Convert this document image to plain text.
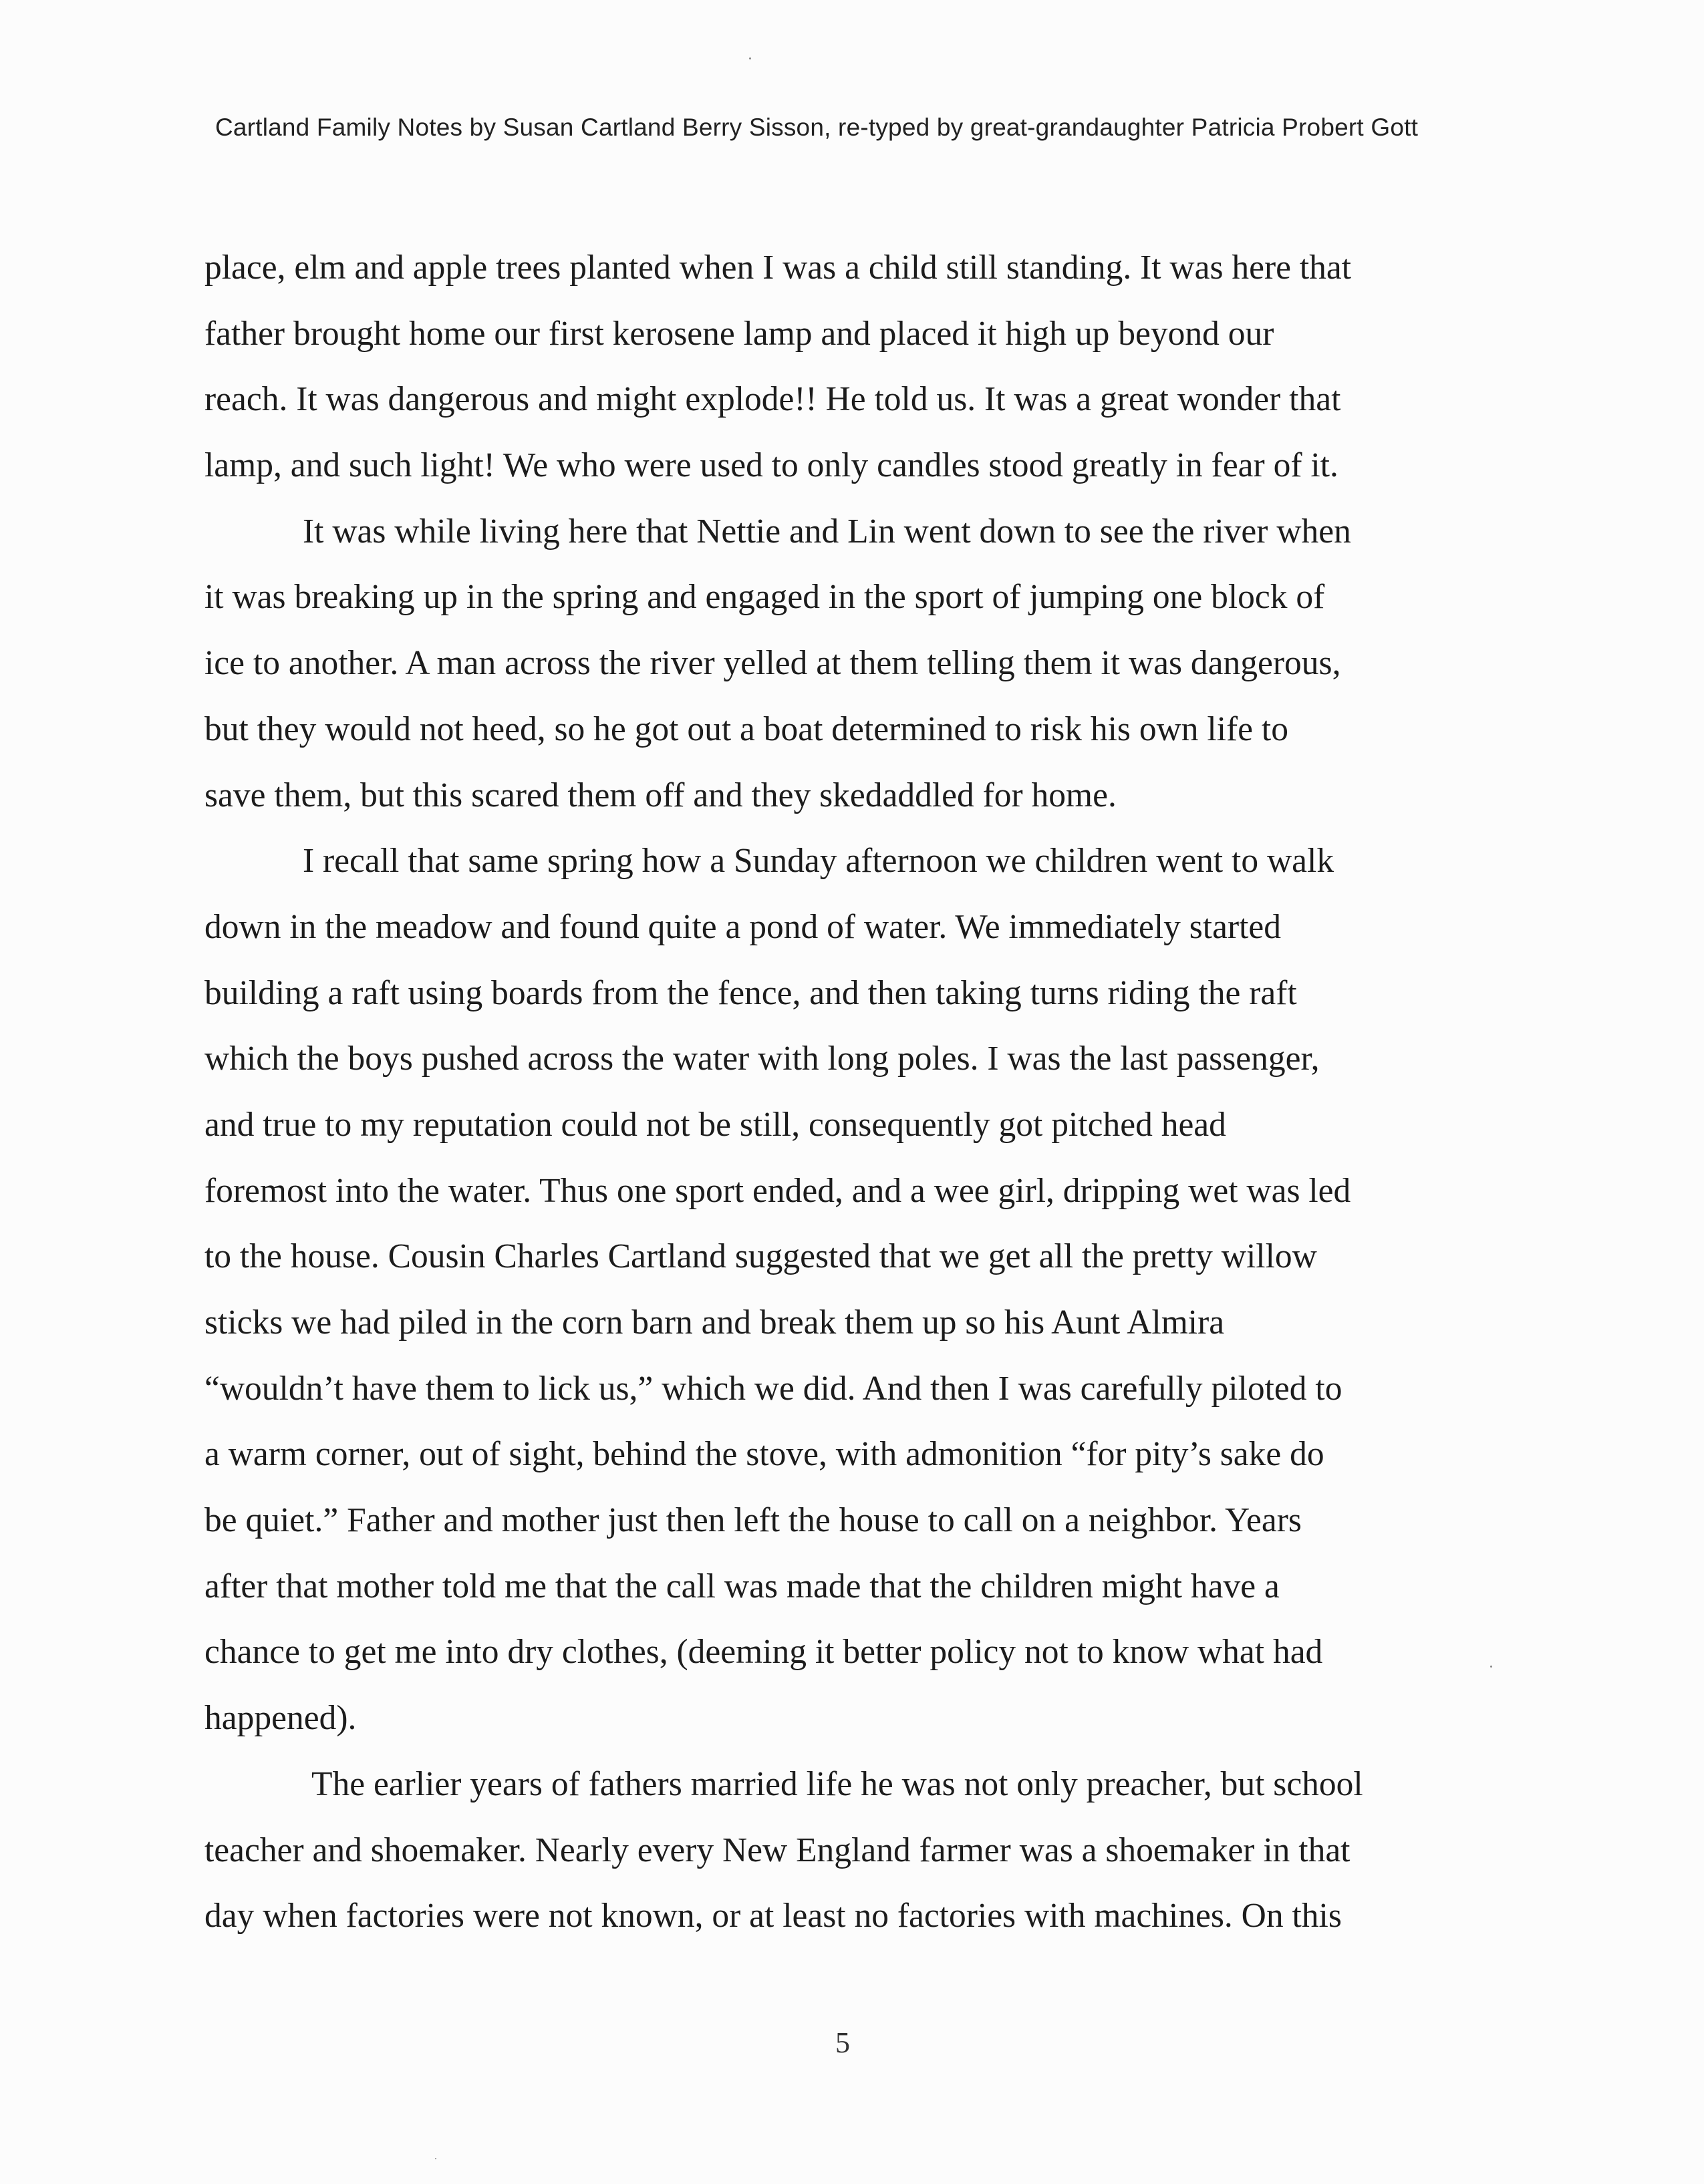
Cartland Family Notes by Susan Cartland Berry Sisson, re-typed by great-grandaughter Patricia Probert Gott
place, elm and apple trees planted when I was a child still standing. It was here that
father brought home our first kerosene lamp and placed it high up beyond our
reach. It was dangerous and might explode!! He told us. It was a great wonder that
lamp, and such light! We who were used to only candles stood greatly in fear of it.
It was while living here that Nettie and Lin went down to see the river when
it was breaking up in the spring and engaged in the sport of jumping one block of
ice to another. A man across the river yelled at them telling them it was dangerous,
but they would not heed, so he got out a boat determined to risk his own life to
save them, but this scared them off and they skedaddled for home.
I recall that same spring how a Sunday afternoon we children went to walk
down in the meadow and found quite a pond of water. We immediately started
building a raft using boards from the fence, and then taking turns riding the raft
which the boys pushed across the water with long poles. I was the last passenger,
and true to my reputation could not be still, consequently got pitched head
foremost into the water. Thus one sport ended, and a wee girl, dripping wet was led
to the house. Cousin Charles Cartland suggested that we get all the pretty willow
sticks we had piled in the corn barn and break them up so his Aunt Almira
“wouldn’t have them to lick us,” which we did. And then I was carefully piloted to
a warm corner, out of sight, behind the stove, with admonition “for pity’s sake do
be quiet.” Father and mother just then left the house to call on a neighbor. Years
after that mother told me that the call was made that the children might have a
chance to get me into dry clothes, (deeming it better policy not to know what had
happened).
The earlier years of fathers married life he was not only preacher, but school
teacher and shoemaker. Nearly every New England farmer was a shoemaker in that
day when factories were not known, or at least no factories with machines. On this
5
